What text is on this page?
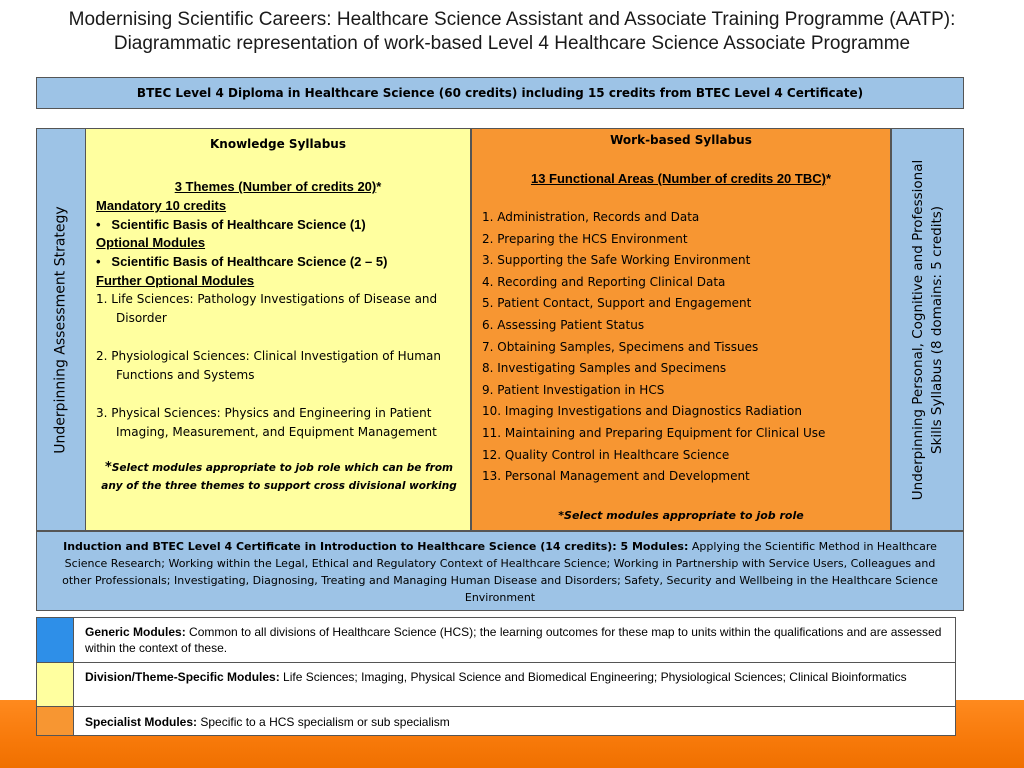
Modernising Scientific Careers: Healthcare Science Assistant and Associate Training Programme (AATP):
Diagrammatic representation of work-based Level 4 Healthcare Science Associate Programme
BTEC Level 4 Diploma in Healthcare Science (60 credits) including 15 credits from BTEC Level 4 Certificate)
Underpinning Assessment Strategy
Knowledge Syllabus
3 Themes (Number of credits 20)*
Mandatory 10 credits
• Scientific Basis of Healthcare Science (1)
Optional Modules
• Scientific Basis of Healthcare Science (2 – 5)
Further Optional Modules
1. Life Sciences: Pathology Investigations of Disease and Disorder
2. Physiological Sciences: Clinical Investigation of Human Functions and Systems
3. Physical Sciences: Physics and Engineering in Patient Imaging, Measurement, and Equipment Management
*Select modules appropriate to job role which can be from any of the three themes to support cross divisional working
Work-based Syllabus
13 Functional Areas (Number of credits 20 TBC)*
1. Administration, Records and Data
2. Preparing the HCS Environment
3. Supporting the Safe Working Environment
4. Recording and Reporting Clinical Data
5. Patient Contact, Support and Engagement
6. Assessing Patient Status
7. Obtaining Samples, Specimens and Tissues
8. Investigating Samples and Specimens
9. Patient Investigation in HCS
10. Imaging Investigations and Diagnostics Radiation
11. Maintaining and Preparing Equipment for Clinical Use
12. Quality Control in Healthcare Science
13. Personal Management and Development
*Select modules appropriate to job role
Underpinning Personal, Cognitive and Professional Skills Syllabus (8 domains: 5 credits)
Induction and BTEC Level 4 Certificate in Introduction to Healthcare Science (14 credits): 5 Modules: Applying the Scientific Method in Healthcare Science Research; Working within the Legal, Ethical and Regulatory Context of Healthcare Science; Working in Partnership with Service Users, Colleagues and other Professionals; Investigating, Diagnosing, Treating and Managing Human Disease and Disorders; Safety, Security and Wellbeing in the Healthcare Science Environment
Generic Modules: Common to all divisions of Healthcare Science (HCS); the learning outcomes for these map to units within the qualifications and are assessed within the context of these.
Division/Theme-Specific Modules: Life Sciences; Imaging, Physical Science and Biomedical Engineering; Physiological Sciences; Clinical Bioinformatics
Specialist Modules: Specific to a HCS specialism or sub specialism
